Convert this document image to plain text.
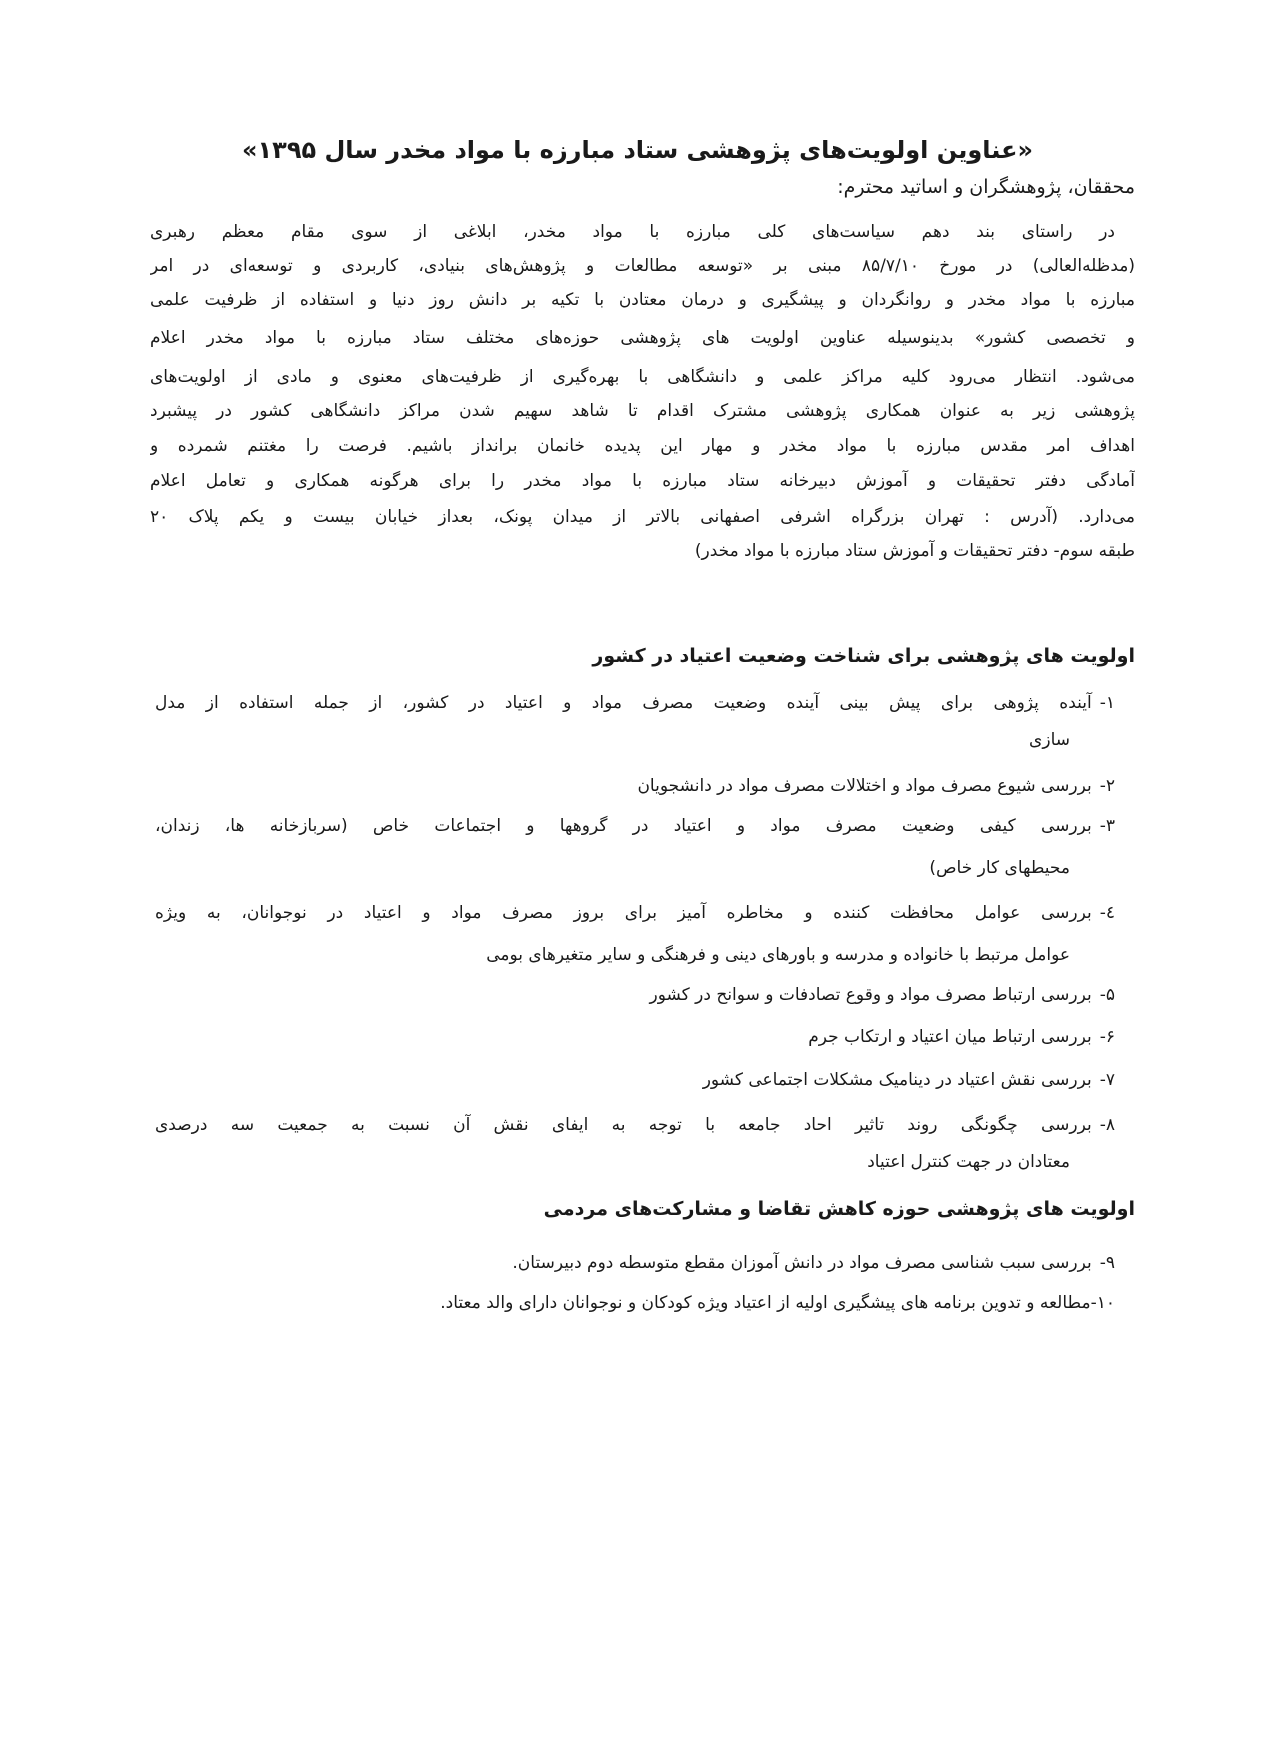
«عناوین اولویت‌های پژوهشی ستاد مبارزه با مواد مخدر سال ۱۳۹۵»
محققان، پژوهشگران و اساتید محترم:
در راستای بند دهم سیاست‌های کلی مبارزه با مواد مخدر، ابلاغی از سوی مقام معظم رهبری
(مدظله‌العالی) در مورخ ۸۵/۷/۱۰ مبنی بر «توسعه مطالعات و پژوهش‌های بنیادی، کاربردی و توسعه‌ای در امر
مبارزه با مواد مخدر و روانگردان و پیشگیری و درمان معتادن با تکیه بر دانش روز دنیا و استفاده از ظرفیت علمی
و تخصصی کشور» بدینوسیله عناوین اولویت های پژوهشی حوزه‌های مختلف ستاد مبارزه با مواد مخدر اعلام
می‌شود. انتظار می‌رود کلیه مراکز علمی و دانشگاهی با بهره‌گیری از ظرفیت‌های معنوی و مادی از اولویت‌های
پژوهشی زیر به عنوان همکاری پژوهشی مشترک اقدام تا شاهد سهیم شدن مراکز دانشگاهی کشور در پیشبرد
اهداف امر مقدس مبارزه با مواد مخدر و مهار این پدیده خانمان برانداز باشیم. فرصت را مغتنم شمرده و
آمادگی دفتر تحقیقات و آموزش دبیرخانه ستاد مبارزه با مواد مخدر را برای هرگونه همکاری و تعامل اعلام
می‌دارد. (آدرس : تهران بزرگراه اشرفی اصفهانی بالاتر از میدان پونک، بعداز خیابان بیست و یکم پلاک ۲۰
طبقه سوم- دفتر تحقیقات و آموزش ستاد مبارزه با مواد مخدر)
اولویت های پژوهشی برای شناخت وضعیت اعتیاد در کشور
۱-آینده پژوهی برای پیش بینی آینده وضعیت مصرف مواد و اعتیاد در کشور، از جمله استفاده از مدل
سازی
۲-بررسی شیوع مصرف مواد و اختلالات مصرف مواد در دانشجویان
۳-بررسی کیفی وضعیت مصرف مواد و اعتیاد در گروهها و اجتماعات خاص (سربازخانه ها، زندان،
محیطهای کار خاص)
٤-بررسی عوامل محافظت کننده و مخاطره آمیز برای بروز مصرف مواد و اعتیاد در نوجوانان، به ویژه
عوامل مرتبط با خانواده و مدرسه و باورهای دینی و فرهنگی و سایر متغیرهای بومی
۵-بررسی ارتباط مصرف مواد و وقوع تصادفات و سوانح در کشور
۶-بررسی ارتباط میان اعتیاد و ارتکاب جرم
۷-بررسی نقش اعتیاد در دینامیک مشکلات اجتماعی کشور
۸-بررسی چگونگی روند تاثیر احاد جامعه با توجه به ایفای نقش آن نسبت به جمعیت سه درصدی
معتادان در جهت کنترل اعتیاد
اولویت های پژوهشی حوزه کاهش تقاضا و مشارکت‌های مردمی
۹-بررسی سبب شناسی مصرف مواد در دانش آموزان مقطع متوسطه دوم دبیرستان.
۱۰-مطالعه و تدوین برنامه های پیشگیری اولیه از اعتیاد ویژه کودکان و نوجوانان دارای والد معتاد.
